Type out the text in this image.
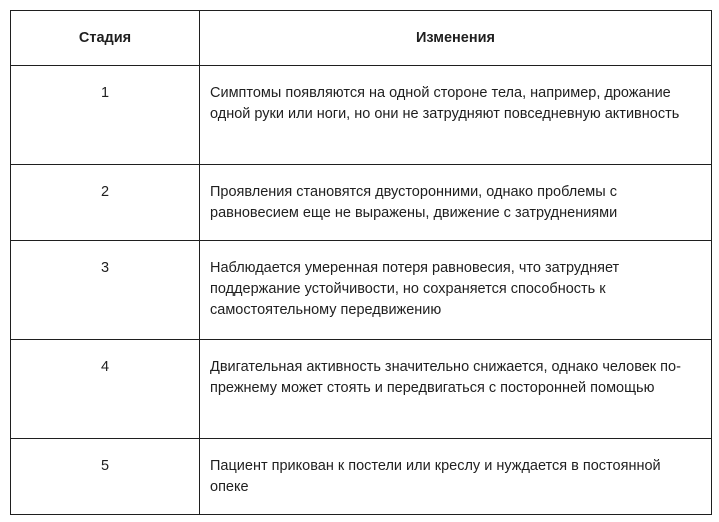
Стадия	Изменения
1	Симптомы появляются на одной стороне тела, например, дрожание одной руки или ноги, но они не затрудняют повседневную активность
2	Проявления становятся двусторонними, однако проблемы с равновесием еще не выражены, движение с затруднениями
3	Наблюдается умеренная потеря равновесия, что затрудняет поддержание устойчивости, но сохраняется способность к самостоятельному передвижению
4	Двигательная активность значительно снижается, однако человек по-прежнему может стоять и передвигаться с посторонней помощью
5	Пациент прикован к постели или креслу и нуждается в постоянной опеке
